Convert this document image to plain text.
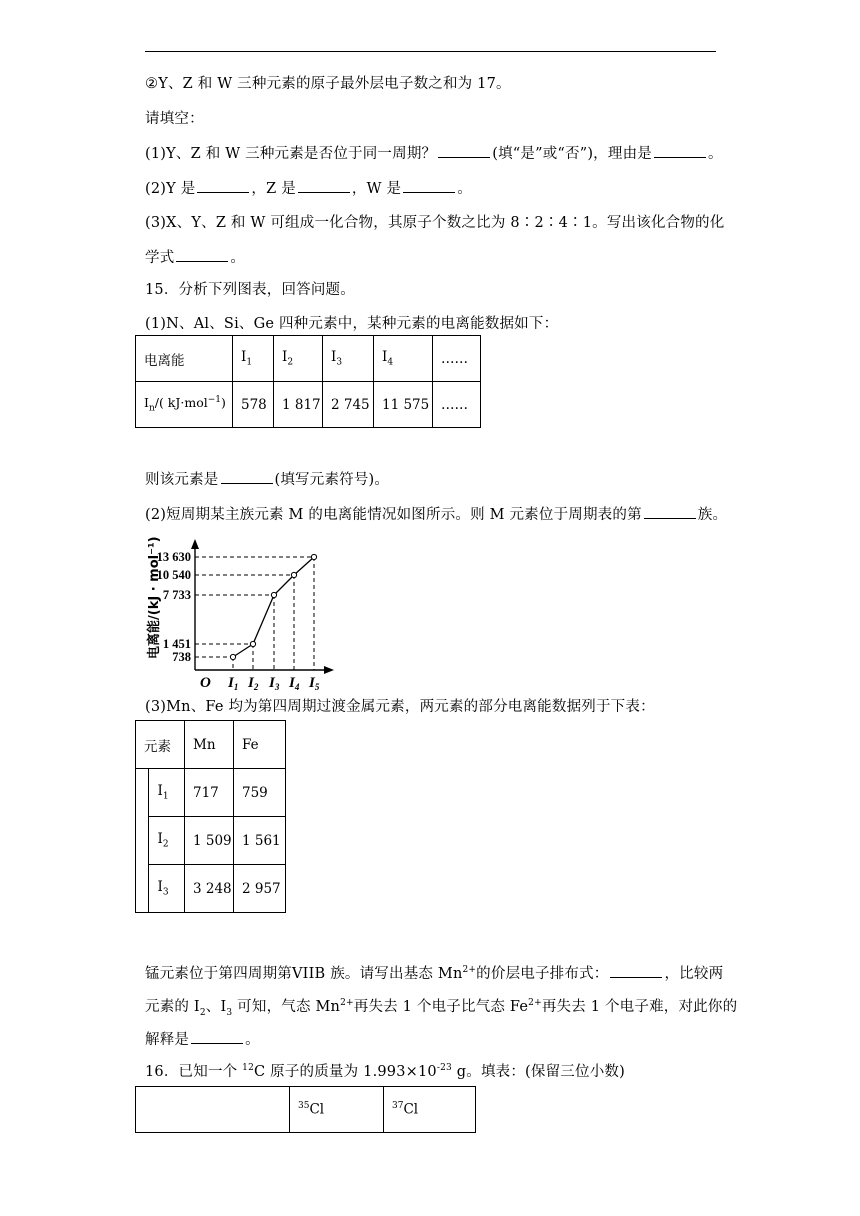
②Y、Z 和 W 三种元素的原子最外层电子数之和为 17。
请填空：
(1)Y、Z 和 W 三种元素是否位于同一周期？	(填“是”或“否”)，理由是	。
(2)Y 是	，Z 是	，W 是	。
(3)X、Y、Z 和 W 可组成一化合物，其原子个数之比为 8∶2∶4∶1。写出该化合物的化
学式	。
15．分析下列图表，回答问题。
(1)N、Al、Si、Ge 四种元素中，某种元素的电离能数据如下：
电离能	$I_1$	$I_2$	$I_3$	$I_4$	……
$I_n/$( kJ·mol$^{-1}$)	578	1 817	2 745	11 575	……
则该元素是	(填写元素符号)。
(2)短周期某主族元素 M 的电离能情况如图所示。则 M 元素位于周期表的第	族。
O
电离能/(kJ · mol⁻¹) 738
$I_1$
1 451
$I_2$
7 733
$I_3$
10 540
$I_4$
13 630
$I_5$
(3)Mn、Fe 均为第四周期过渡金属元素，两元素的部分电离能数据列于下表：
元素		Mn	Fe
	$I_1$	717	759
	$I_2$	1 509	1 561
	$I_3$	3 248	2 957
锰元素位于第四周期第VIIB 族。请写出基态 $Mn^{2+}$的价层电子排布式：	，比较两
元素的 $I_2$、$I_3$ 可知，气态 $Mn^{2+}$再失去 1 个电子比气态 $Fe^{2+}$再失去 1 个电子难，对此你的
解释是	。
16．已知一个 $^{12}$C 原子的质量为 $1.993\times 10^{-23}$ g。填表：(保留三位小数)
	$^{35}$Cl	$^{37}$Cl
